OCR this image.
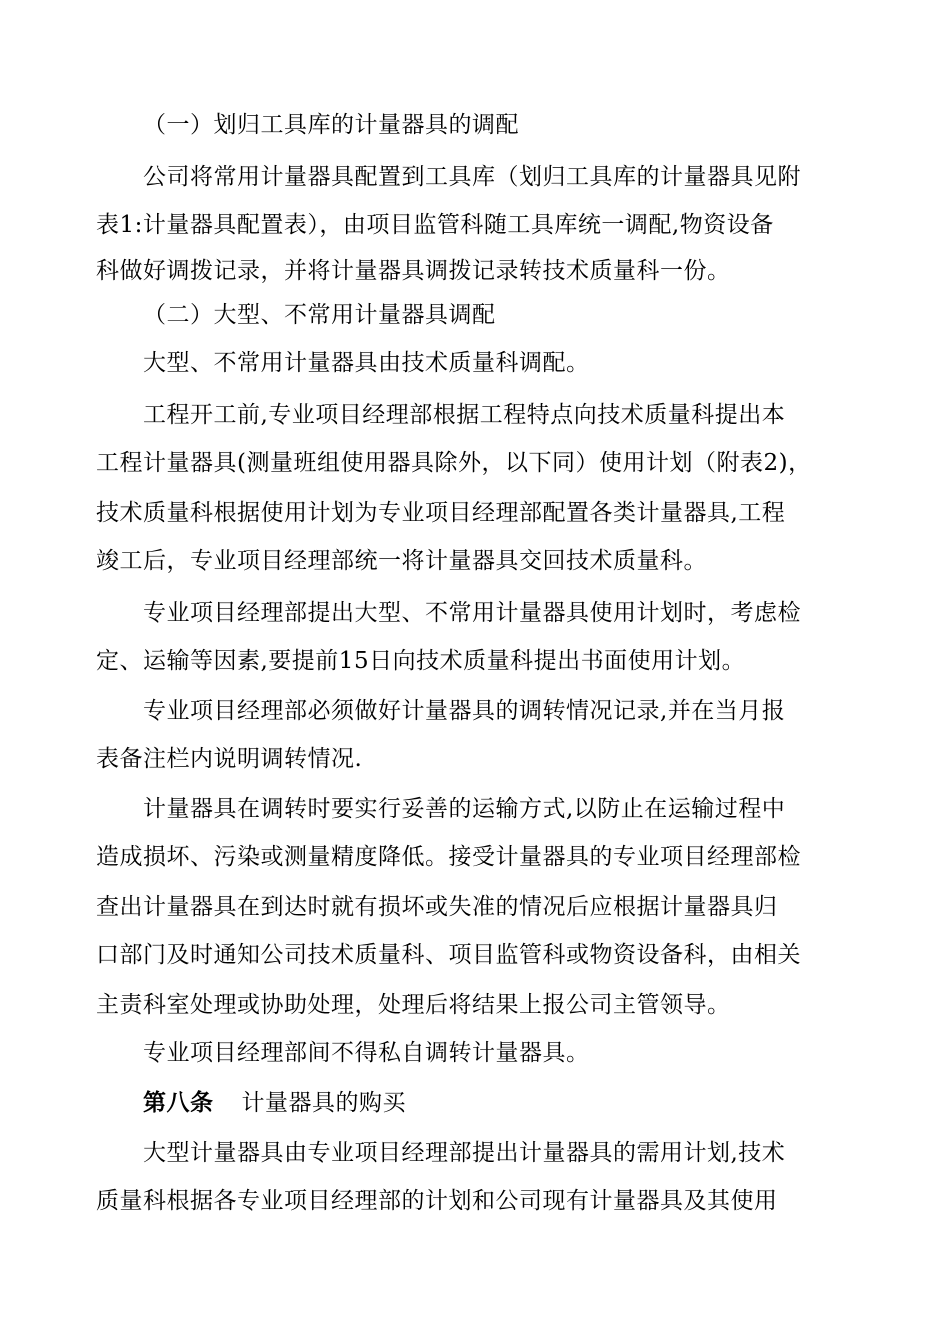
（一）划归工具库的计量器具的调配
公司将常用计量器具配置到工具库（划归工具库的计量器具见附
表1:计量器具配置表），由项目监管科随工具库统一调配,物资设备
科做好调拨记录，并将计量器具调拨记录转技术质量科一份。
（二）大型、不常用计量器具调配
大型、不常用计量器具由技术质量科调配。
工程开工前,专业项目经理部根据工程特点向技术质量科提出本
工程计量器具(测量班组使用器具除外，以下同）使用计划（附表2)，
技术质量科根据使用计划为专业项目经理部配置各类计量器具,工程
竣工后，专业项目经理部统一将计量器具交回技术质量科。
专业项目经理部提出大型、不常用计量器具使用计划时，考虑检
定、运输等因素,要提前15日向技术质量科提出书面使用计划。
专业项目经理部必须做好计量器具的调转情况记录,并在当月报
表备注栏内说明调转情况.
计量器具在调转时要实行妥善的运输方式,以防止在运输过程中
造成损坏、污染或测量精度降低。接受计量器具的专业项目经理部检
查出计量器具在到达时就有损坏或失准的情况后应根据计量器具归
口部门及时通知公司技术质量科、项目监管科或物资设备科，由相关
主责科室处理或协助处理，处理后将结果上报公司主管领导。
专业项目经理部间不得私自调转计量器具。
第八条 计量器具的购买
大型计量器具由专业项目经理部提出计量器具的需用计划,技术
质量科根据各专业项目经理部的计划和公司现有计量器具及其使用
